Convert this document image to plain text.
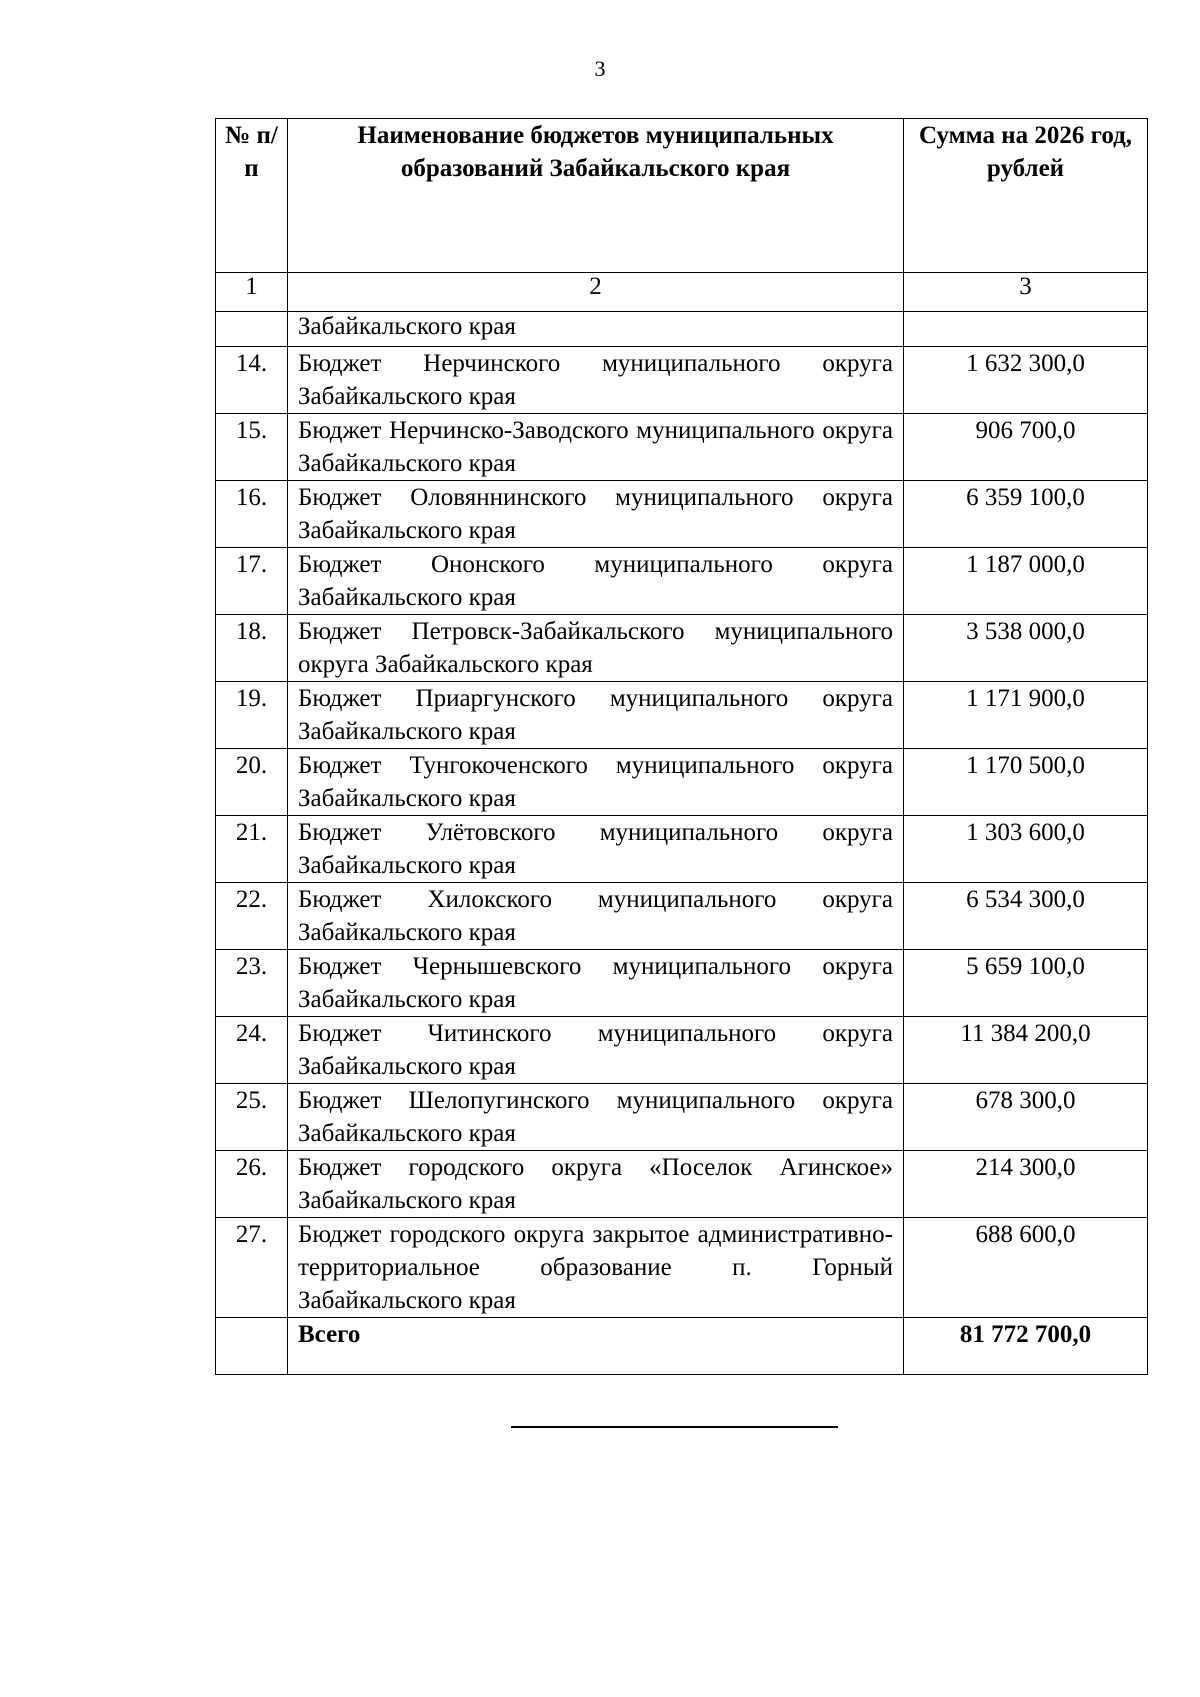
3
№ п/п	Наименование бюджетов муниципальных образований Забайкальского края	Сумма на 2026 год, рублей
1	2	3
	Забайкальского края	
14.	Бюджет Нерчинского муниципального округа Забайкальского края	1 632 300,0
15.	Бюджет Нерчинско-Заводского муниципального округа Забайкальского края	906 700,0
16.	Бюджет Оловяннинского муниципального округа Забайкальского края	6 359 100,0
17.	Бюджет Ононского муниципального округа Забайкальского края	1 187 000,0
18.	Бюджет Петровск-Забайкальского муниципального округа Забайкальского края	3 538 000,0
19.	Бюджет Приаргунского муниципального округа Забайкальского края	1 171 900,0
20.	Бюджет Тунгокоченского муниципального округа Забайкальского края	1 170 500,0
21.	Бюджет Улётовского муниципального округа Забайкальского края	1 303 600,0
22.	Бюджет Хилокского муниципального округа Забайкальского края	6 534 300,0
23.	Бюджет Чернышевского муниципального округа Забайкальского края	5 659 100,0
24.	Бюджет Читинского муниципального округа Забайкальского края	11 384 200,0
25.	Бюджет Шелопугинского муниципального округа Забайкальского края	678 300,0
26.	Бюджет городского округа «Поселок Агинское» Забайкальского края	214 300,0
27.	Бюджет городского округа закрытое административно-территориальное образование п. Горный Забайкальского края	688 600,0
	Всего	81 772 700,0
